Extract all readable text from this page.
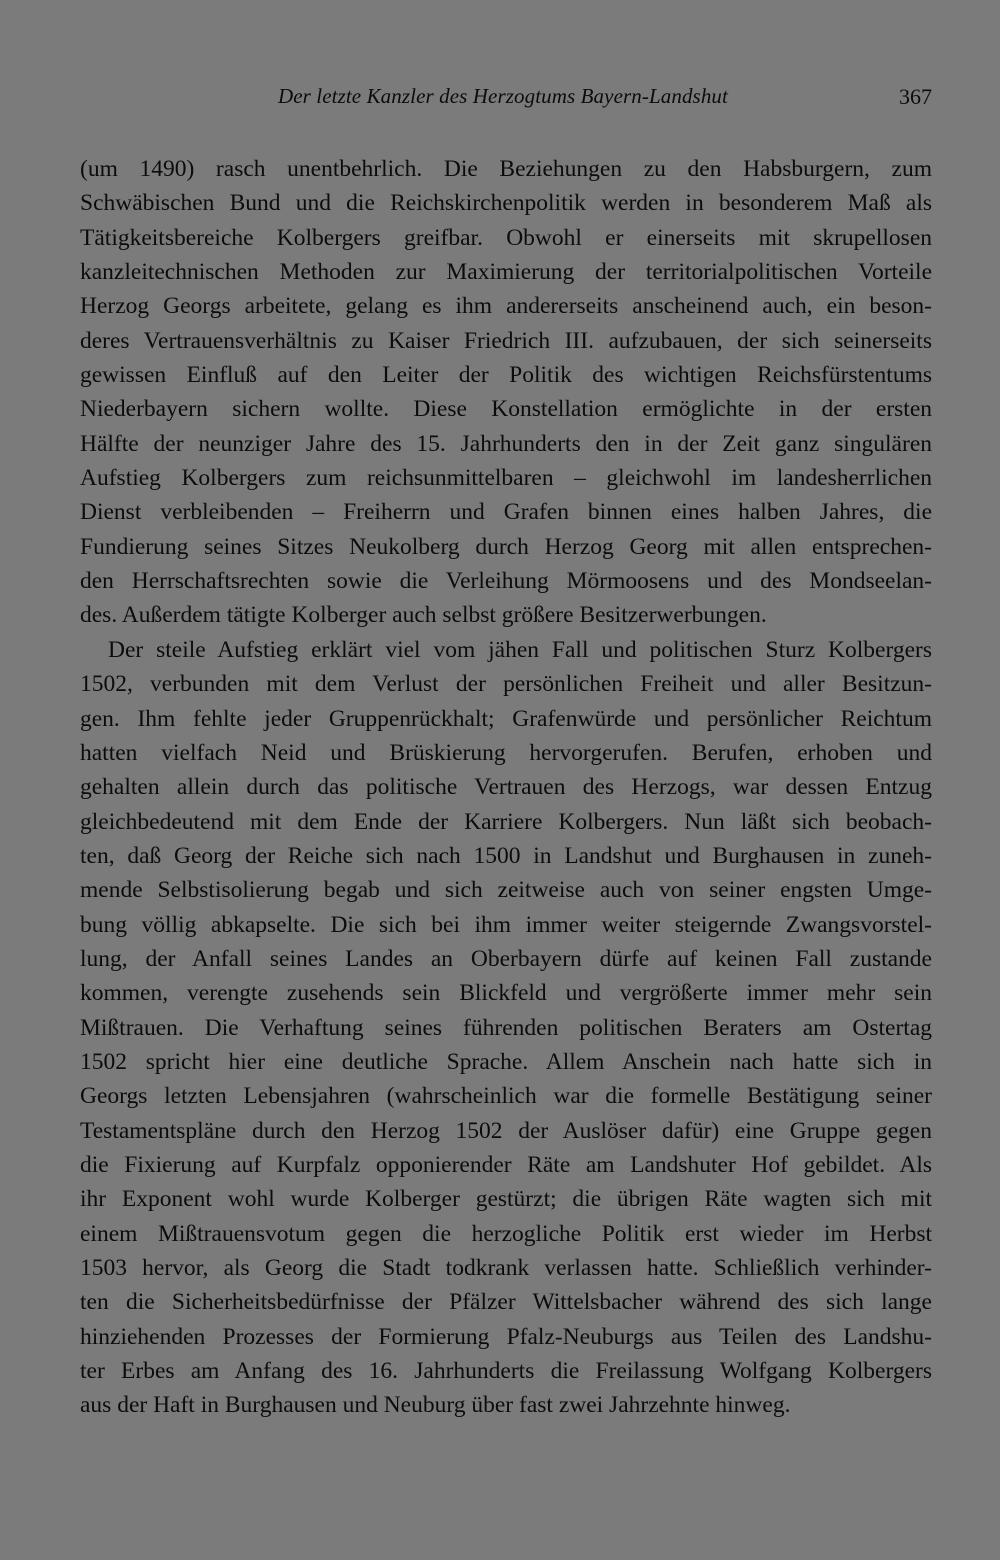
Der letzte Kanzler des Herzogtums Bayern-Landshut	367
(um 1490) rasch unentbehrlich. Die Beziehungen zu den Habsburgern, zum
Schwäbischen Bund und die Reichskirchenpolitik werden in besonderem Maß als
Tätigkeitsbereiche Kolbergers greifbar. Obwohl er einerseits mit skrupellosen
kanzleitechnischen Methoden zur Maximierung der territorialpolitischen Vorteile
Herzog Georgs arbeitete, gelang es ihm andererseits anscheinend auch, ein beson-
deres Vertrauensverhältnis zu Kaiser Friedrich III. aufzubauen, der sich seinerseits
gewissen Einfluß auf den Leiter der Politik des wichtigen Reichsfürstentums
Niederbayern sichern wollte. Diese Konstellation ermöglichte in der ersten
Hälfte der neunziger Jahre des 15. Jahrhunderts den in der Zeit ganz singulären
Aufstieg Kolbergers zum reichsunmittelbaren – gleichwohl im landesherrlichen
Dienst verbleibenden – Freiherrn und Grafen binnen eines halben Jahres, die
Fundierung seines Sitzes Neukolberg durch Herzog Georg mit allen entsprechen-
den Herrschaftsrechten sowie die Verleihung Mörmoosens und des Mondseelan-
des. Außerdem tätigte Kolberger auch selbst größere Besitzerwerbungen.
Der steile Aufstieg erklärt viel vom jähen Fall und politischen Sturz Kolbergers
1502, verbunden mit dem Verlust der persönlichen Freiheit und aller Besitzun-
gen. Ihm fehlte jeder Gruppenrückhalt; Grafenwürde und persönlicher Reichtum
hatten vielfach Neid und Brüskierung hervorgerufen. Berufen, erhoben und
gehalten allein durch das politische Vertrauen des Herzogs, war dessen Entzug
gleichbedeutend mit dem Ende der Karriere Kolbergers. Nun läßt sich beobach-
ten, daß Georg der Reiche sich nach 1500 in Landshut und Burghausen in zuneh-
mende Selbstisolierung begab und sich zeitweise auch von seiner engsten Umge-
bung völlig abkapselte. Die sich bei ihm immer weiter steigernde Zwangsvorstel-
lung, der Anfall seines Landes an Oberbayern dürfe auf keinen Fall zustande
kommen, verengte zusehends sein Blickfeld und vergrößerte immer mehr sein
Mißtrauen. Die Verhaftung seines führenden politischen Beraters am Ostertag
1502 spricht hier eine deutliche Sprache. Allem Anschein nach hatte sich in
Georgs letzten Lebensjahren (wahrscheinlich war die formelle Bestätigung seiner
Testamentspläne durch den Herzog 1502 der Auslöser dafür) eine Gruppe gegen
die Fixierung auf Kurpfalz opponierender Räte am Landshuter Hof gebildet. Als
ihr Exponent wohl wurde Kolberger gestürzt; die übrigen Räte wagten sich mit
einem Mißtrauensvotum gegen die herzogliche Politik erst wieder im Herbst
1503 hervor, als Georg die Stadt todkrank verlassen hatte. Schließlich verhinder-
ten die Sicherheitsbedürfnisse der Pfälzer Wittelsbacher während des sich lange
hinziehenden Prozesses der Formierung Pfalz-Neuburgs aus Teilen des Landshu-
ter Erbes am Anfang des 16. Jahrhunderts die Freilassung Wolfgang Kolbergers
aus der Haft in Burghausen und Neuburg über fast zwei Jahrzehnte hinweg.
